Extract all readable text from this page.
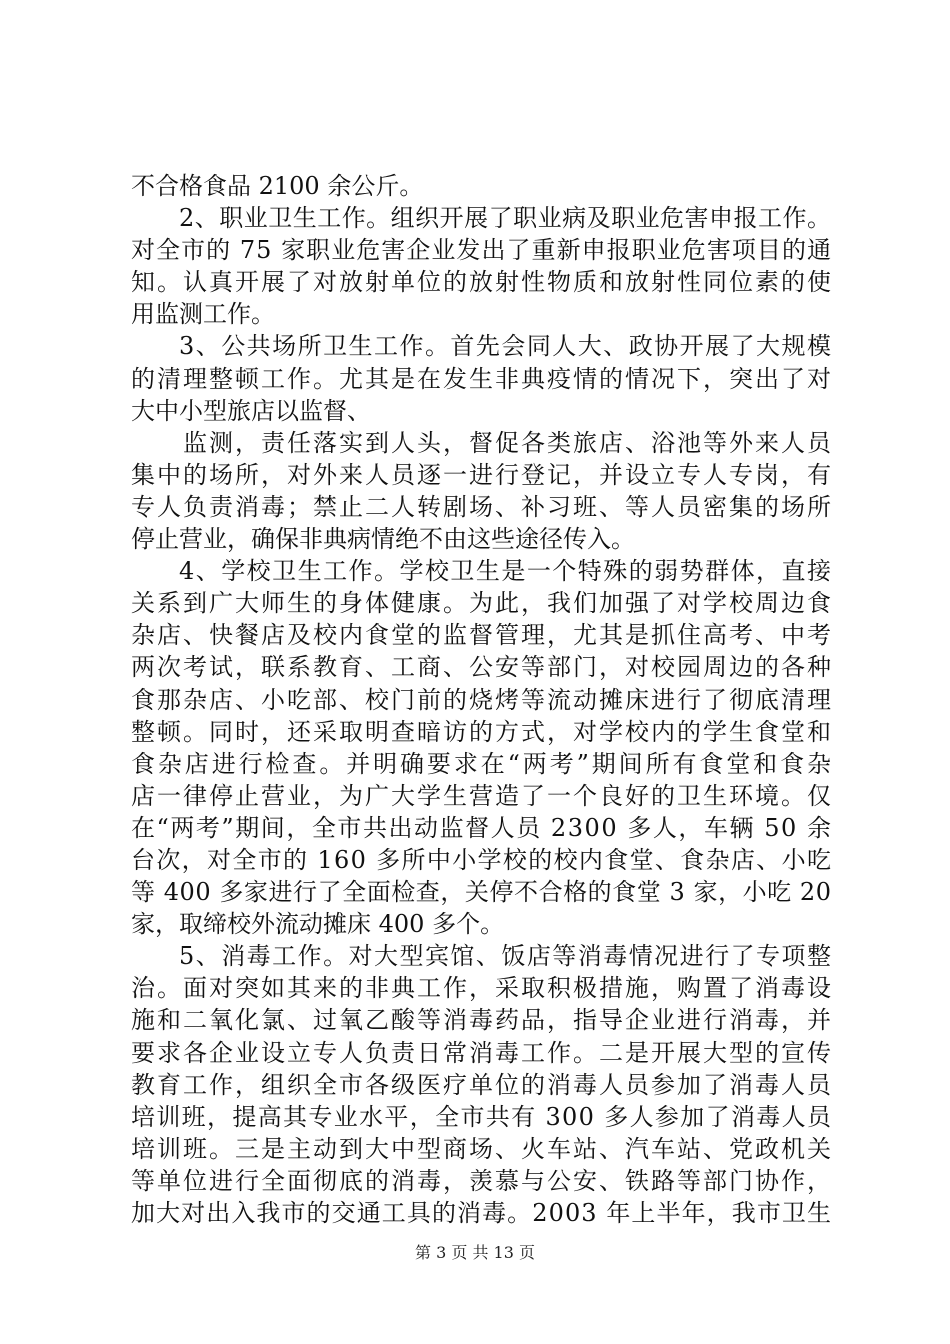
不合格食品 2100 余公斤。
2、职业卫生工作。组织开展了职业病及职业危害申报工作。
对全市的 75 家职业危害企业发出了重新申报职业危害项目的通
知。认真开展了对放射单位的放射性物质和放射性同位素的使
用监测工作。
3、公共场所卫生工作。首先会同人大、政协开展了大规模
的清理整顿工作。尤其是在发生非典疫情的情况下，突出了对
大中小型旅店以监督、
监测，责任落实到人头，督促各类旅店、浴池等外来人员
集中的场所，对外来人员逐一进行登记，并设立专人专岗，有
专人负责消毒；禁止二人转剧场、补习班、等人员密集的场所
停止营业，确保非典病情绝不由这些途径传入。
4、学校卫生工作。学校卫生是一个特殊的弱势群体，直接
关系到广大师生的身体健康。为此，我们加强了对学校周边食
杂店、快餐店及校内食堂的监督管理，尤其是抓住高考、中考
两次考试，联系教育、工商、公安等部门，对校园周边的各种
食那杂店、小吃部、校门前的烧烤等流动摊床进行了彻底清理
整顿。同时，还采取明查暗访的方式，对学校内的学生食堂和
食杂店进行检查。并明确要求在“两考”期间所有食堂和食杂
店一律停止营业，为广大学生营造了一个良好的卫生环境。仅
在“两考”期间，全市共出动监督人员 2300 多人，车辆 50 余
台次，对全市的 160 多所中小学校的校内食堂、食杂店、小吃
等 400 多家进行了全面检查，关停不合格的食堂 3 家，小吃 20
家，取缔校外流动摊床 400 多个。
5、消毒工作。对大型宾馆、饭店等消毒情况进行了专项整
治。面对突如其来的非典工作，采取积极措施，购置了消毒设
施和二氧化氯、过氧乙酸等消毒药品，指导企业进行消毒，并
要求各企业设立专人负责日常消毒工作。二是开展大型的宣传
教育工作，组织全市各级医疗单位的消毒人员参加了消毒人员
培训班，提高其专业水平，全市共有 300 多人参加了消毒人员
培训班。三是主动到大中型商场、火车站、汽车站、党政机关
等单位进行全面彻底的消毒，羡慕与公安、铁路等部门协作，
加大对出入我市的交通工具的消毒。2003 年上半年，我市卫生
第 3 页 共 13 页
